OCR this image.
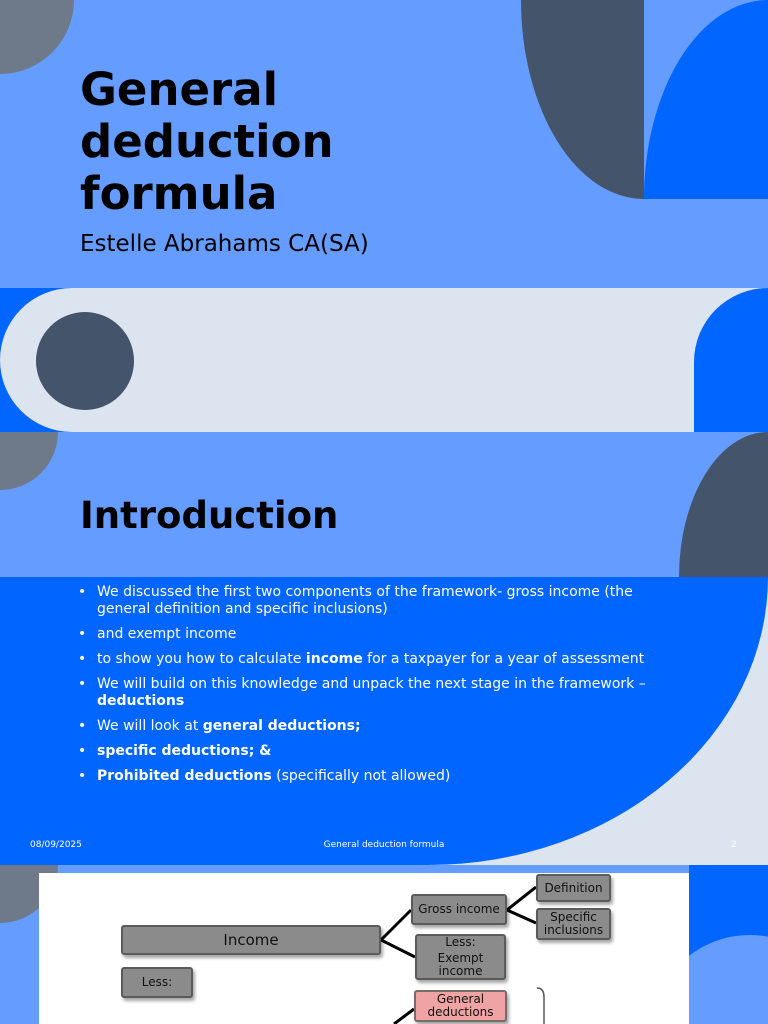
General deduction formula
Estelle Abrahams CA(SA)
Introduction
• We discussed the first two components of the framework- gross income (the general definition and specific inclusions)
• and exempt income
• to show you how to calculate income for a taxpayer for a year of assessment
• We will build on this knowledge and unpack the next stage in the framework – deductions
• We will look at general deductions;
• specific deductions; &
• Prohibited deductions (specifically not allowed)
08/09/2025	General deduction formula	2
Income
Gross income
Definition
Specific inclusions
Less:
Exempt income
Less:
General deductions
